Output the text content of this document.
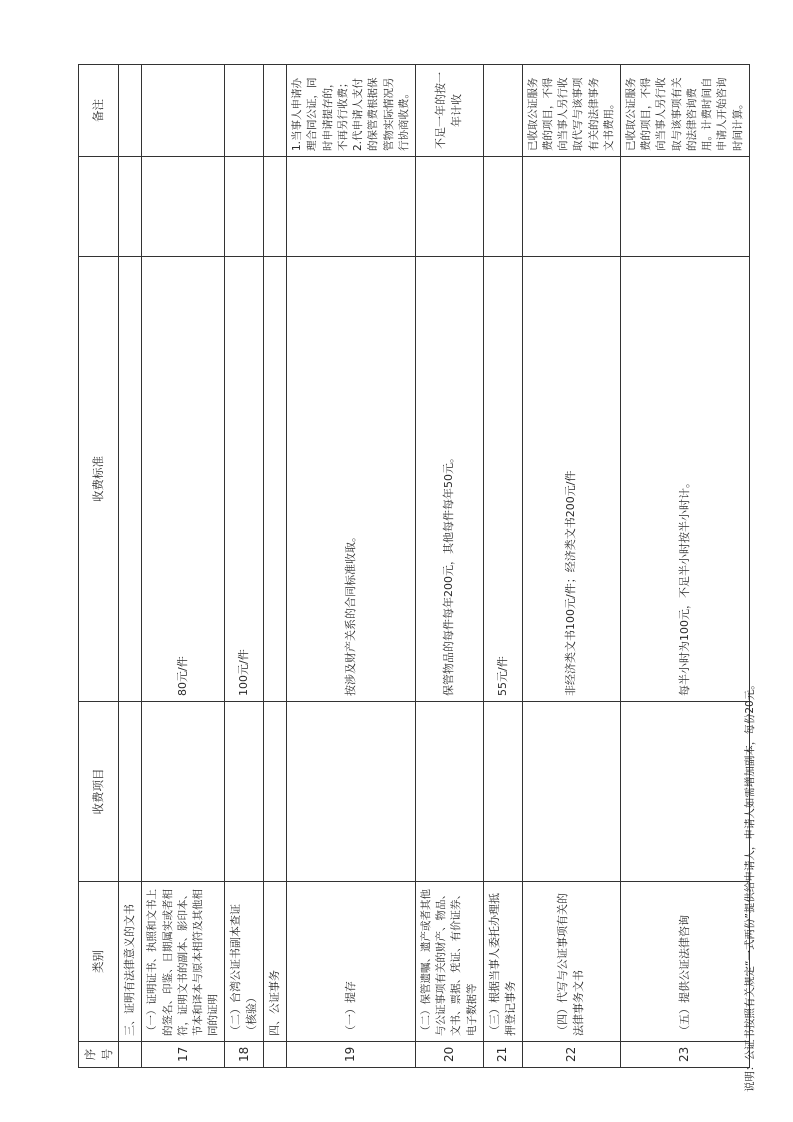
序号	类别	收费项目	收费标准		备注
	三、证明有法律意义的文书				
17	（一）证明证书、执照和文书上的签名、印鉴、日期属实或者相符，证明文书的副本、影印本、节本和译本与原本相符及其他相同的证明		80元/件		
18	（二）台湾公证书副本查证（核验）		100元/件		
	四、公证事务				
19	（一）提存		按涉及财产关系的合同标准收取。		1.当事人申请办理合同公证，同时申请提存的，不再另行收费；2.代申请人支付的保管费根据保管物实际情况另行协商收费。
20	（二）保管遗嘱、遗产或者其他与公证事项有关的财产、物品、文书、票据、凭证、有价证券、电子数据等		保管物品的每件每年200元，其他每件每年50元。		不足一年的按一年计收
21	（三）根据当事人委托办理抵押登记事务		55元/件		
22	（四）代写与公证事项有关的法律事务文书		非经济类文书100元/件；经济类文书200元/件		已收取公证服务费的项目，不得向当事人另行收取代写与该事项有关的法律事务文书费用。
23	（五）提供公证法律咨询		每半小时为100元，不足半小时按半小时计。		已收取公证服务费的项目，不得向当事人另行收取与该事项有关的法律咨询费用。计费时间自申请人开始咨询时间计算。
说明：公证书按照有关规定“一式两份”提供给申请人，申请人如需增加副本，每份20元。
